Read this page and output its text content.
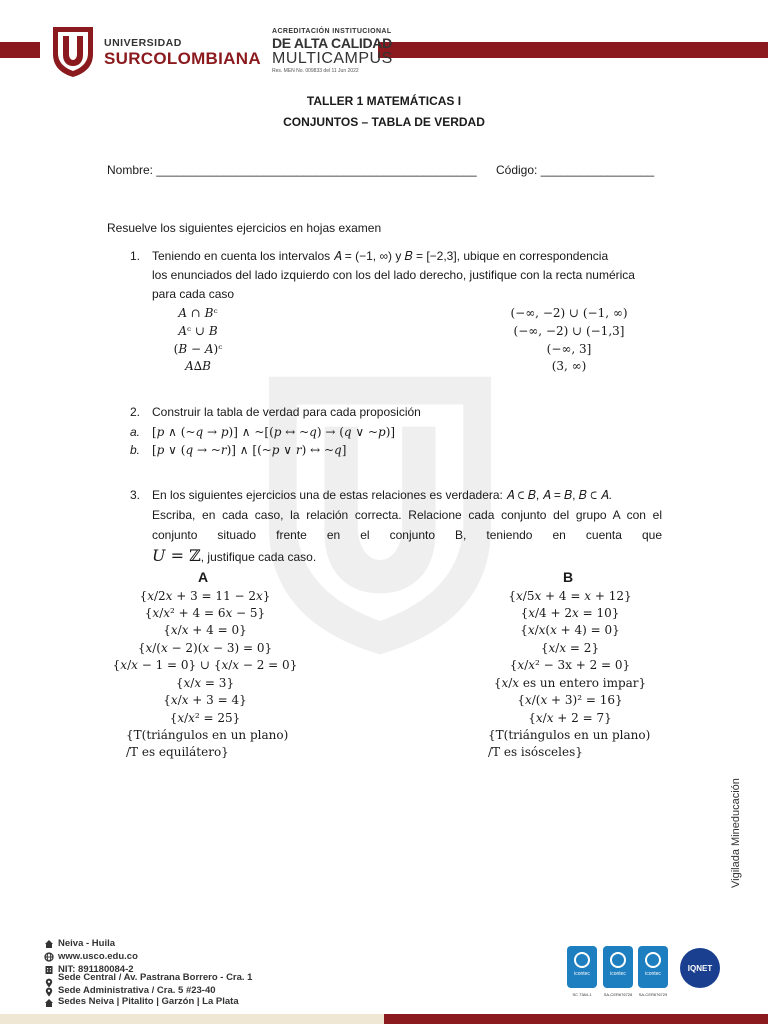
UNIVERSIDAD
SURCOLOMBIANA
ACREDITACIÓN INSTITUCIONAL
DE ALTA CALIDAD
MULTICAMPUS
Res. MEN No. 009833 del 11 Jun 2022
TALLER 1 MATEMÁTICAS I
CONJUNTOS – TABLA DE VERDAD
Nombre: ________________________________________________ Código: _________________
Resuelve los siguientes ejercicios en hojas examen
1. Teniendo en cuenta los intervalos 𝐴 = (−1, ∞) y 𝐵 = [−2,3], ubique en correspondencia
los enunciados del lado izquierdo con los del lado derecho, justifique con la recta numérica
para cada caso
𝐴 ∩ 𝐵ᶜ
𝐴ᶜ ∪ 𝐵
(𝐵 − 𝐴)ᶜ
𝐴∆𝐵
(−∞, −2) ∪ (−1, ∞)
(−∞, −2) ∪ (−1,3]
(−∞, 3]
(3, ∞)
2. Construir la tabla de verdad para cada proposición
a. [𝑝 ∧ (~𝑞 → 𝑝)] ∧ ~[(𝑝 ↔ ~𝑞) → (𝑞 ∨ ~𝑝)]
b. [𝑝 ∨ (𝑞 → ~𝑟)] ∧ [(~𝑝 ∨ 𝑟) ↔ ~𝑞]
3. En los siguientes ejercicios una de estas relaciones es verdadera: 𝐴 ⊂ 𝐵, 𝐴 = 𝐵, 𝐵 ⊂ 𝐴.
Escriba, en cada caso, la relación correcta. Relacione cada conjunto del grupo A con el
conjunto situado frente en el conjunto B, teniendo en cuenta que
𝑈 = ℤ, justifique cada caso.
A	B
{𝑥/2𝑥 + 3 = 11 − 2𝑥}
{𝑥/𝑥² + 4 = 6𝑥 − 5}
{𝑥/𝑥 + 4 = 0}
{𝑥/(𝑥 − 2)(𝑥 − 3) = 0}
{𝑥/𝑥 − 1 = 0} ∪ {𝑥/𝑥 − 2 = 0}
{𝑥/𝑥 = 3}
{𝑥/𝑥 + 3 = 4}
{𝑥/𝑥² = 25}
{T(triángulos en un plano)
/T es equilátero}
{𝑥/5𝑥 + 4 = 𝑥 + 12}
{𝑥/4 + 2𝑥 = 10}
{𝑥/𝑥(𝑥 + 4) = 0}
{𝑥/𝑥 = 2}
{𝑥/𝑥² − 3x + 2 = 0}
{𝑥/𝑥 es un entero impar}
{𝑥/(𝑥 + 3)² = 16}
{𝑥/𝑥 + 2 = 7}
{T(triángulos en un plano)
/T es isósceles}
Vigilada Mineducación
Neiva - Huila
www.usco.edu.co
NIT: 891180084-2
Sede Central / Av. Pastrana Borrero - Cra. 1
Sede Administrativa / Cra. 5 #23-40
Sedes Neiva | Pitalito | Garzón | La Plata
icontec
SC 7384-1
icontec
SA-CER676728
icontec
SA-CER676729
IQNET
